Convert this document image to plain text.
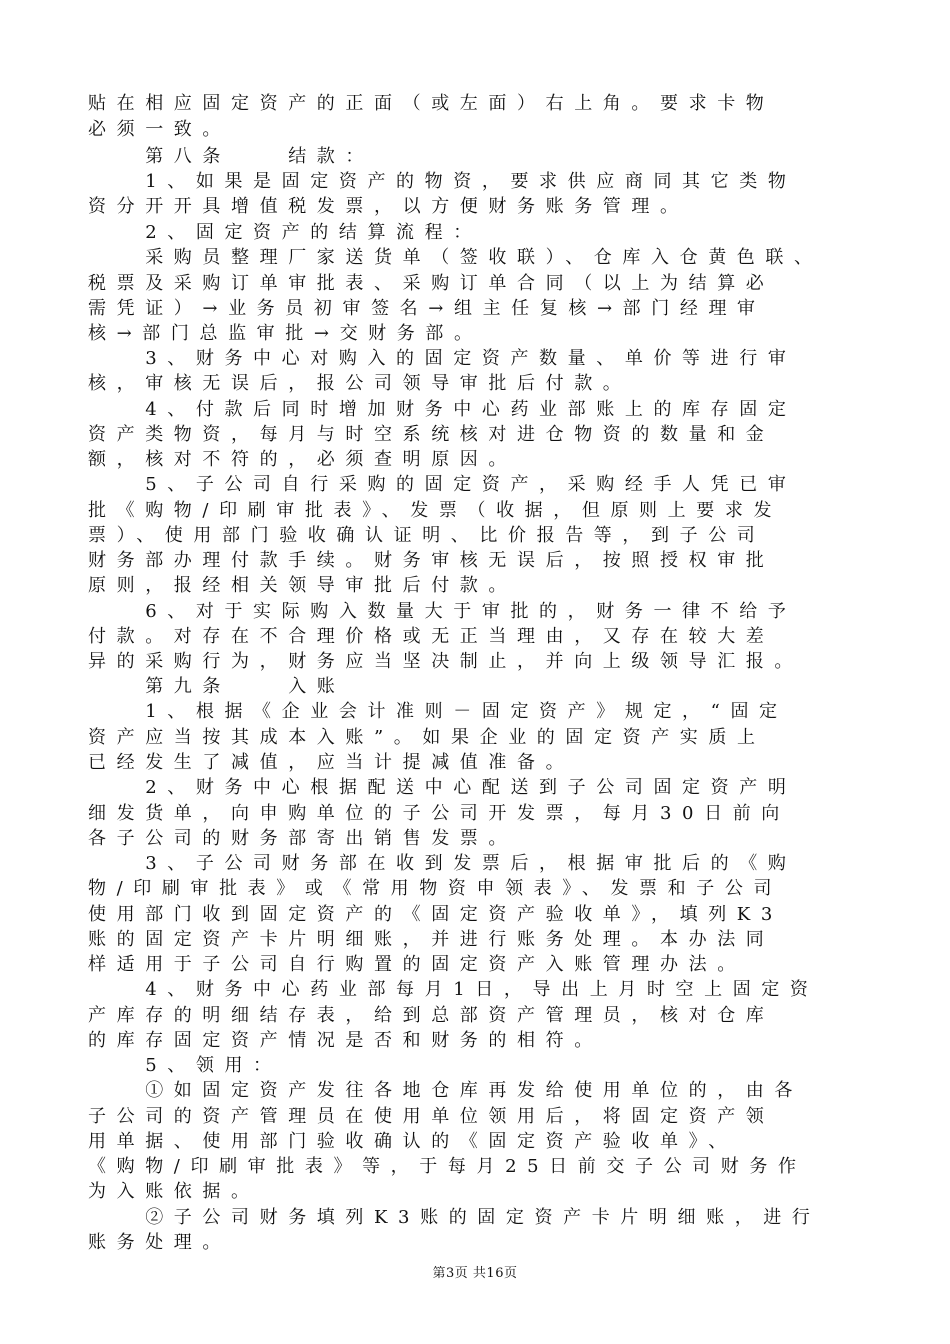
贴在相应固定资产的正面（或左面）右上角。要求卡物
必须一致。
　　第八条　　结款：
　　1、如果是固定资产的物资，要求供应商同其它类物
资分开开具增值税发票，以方便财务账务管理。
　　2、固定资产的结算流程：
　　采购员整理厂家送货单（签收联）、仓库入仓黄色联、
税票及采购订单审批表、采购订单合同（以上为结算必
需凭证）→业务员初审签名→组主任复核→部门经理审
核→部门总监审批→交财务部。
　　3、财务中心对购入的固定资产数量、单价等进行审
核，审核无误后，报公司领导审批后付款。
　　4、付款后同时增加财务中心药业部账上的库存固定
资产类物资，每月与时空系统核对进仓物资的数量和金
额，核对不符的，必须查明原因。
　　5、子公司自行采购的固定资产，采购经手人凭已审
批《购物/印刷审批表》、发票（收据，但原则上要求发
票）、使用部门验收确认证明、比价报告等，到子公司
财务部办理付款手续。财务审核无误后，按照授权审批
原则，报经相关领导审批后付款。
　　6、对于实际购入数量大于审批的，财务一律不给予
付款。对存在不合理价格或无正当理由，又存在较大差
异的采购行为，财务应当坚决制止，并向上级领导汇报。
　　第九条　　入账
　　1、根据《企业会计准则－固定资产》规定，“固定
资产应当按其成本入账”。如果企业的固定资产实质上
已经发生了减值，应当计提减值准备。
　　2、财务中心根据配送中心配送到子公司固定资产明
细发货单，向申购单位的子公司开发票，每月30日前向
各子公司的财务部寄出销售发票。
　　3、子公司财务部在收到发票后，根据审批后的《购
物/印刷审批表》或《常用物资申领表》、发票和子公司
使用部门收到固定资产的《固定资产验收单》，填列K3
账的固定资产卡片明细账，并进行账务处理。本办法同
样适用于子公司自行购置的固定资产入账管理办法。
　　4、财务中心药业部每月1日，导出上月时空上固定资
产库存的明细结存表，给到总部资产管理员，核对仓库
的库存固定资产情况是否和财务的相符。
　　5、领用：
　　①如固定资产发往各地仓库再发给使用单位的，由各
子公司的资产管理员在使用单位领用后，将固定资产领
用单据、使用部门验收确认的《固定资产验收单》、
《购物/印刷审批表》等，于每月25日前交子公司财务作
为入账依据。
　　②子公司财务填列K3账的固定资产卡片明细账，进行
账务处理。
第3页 共16页
